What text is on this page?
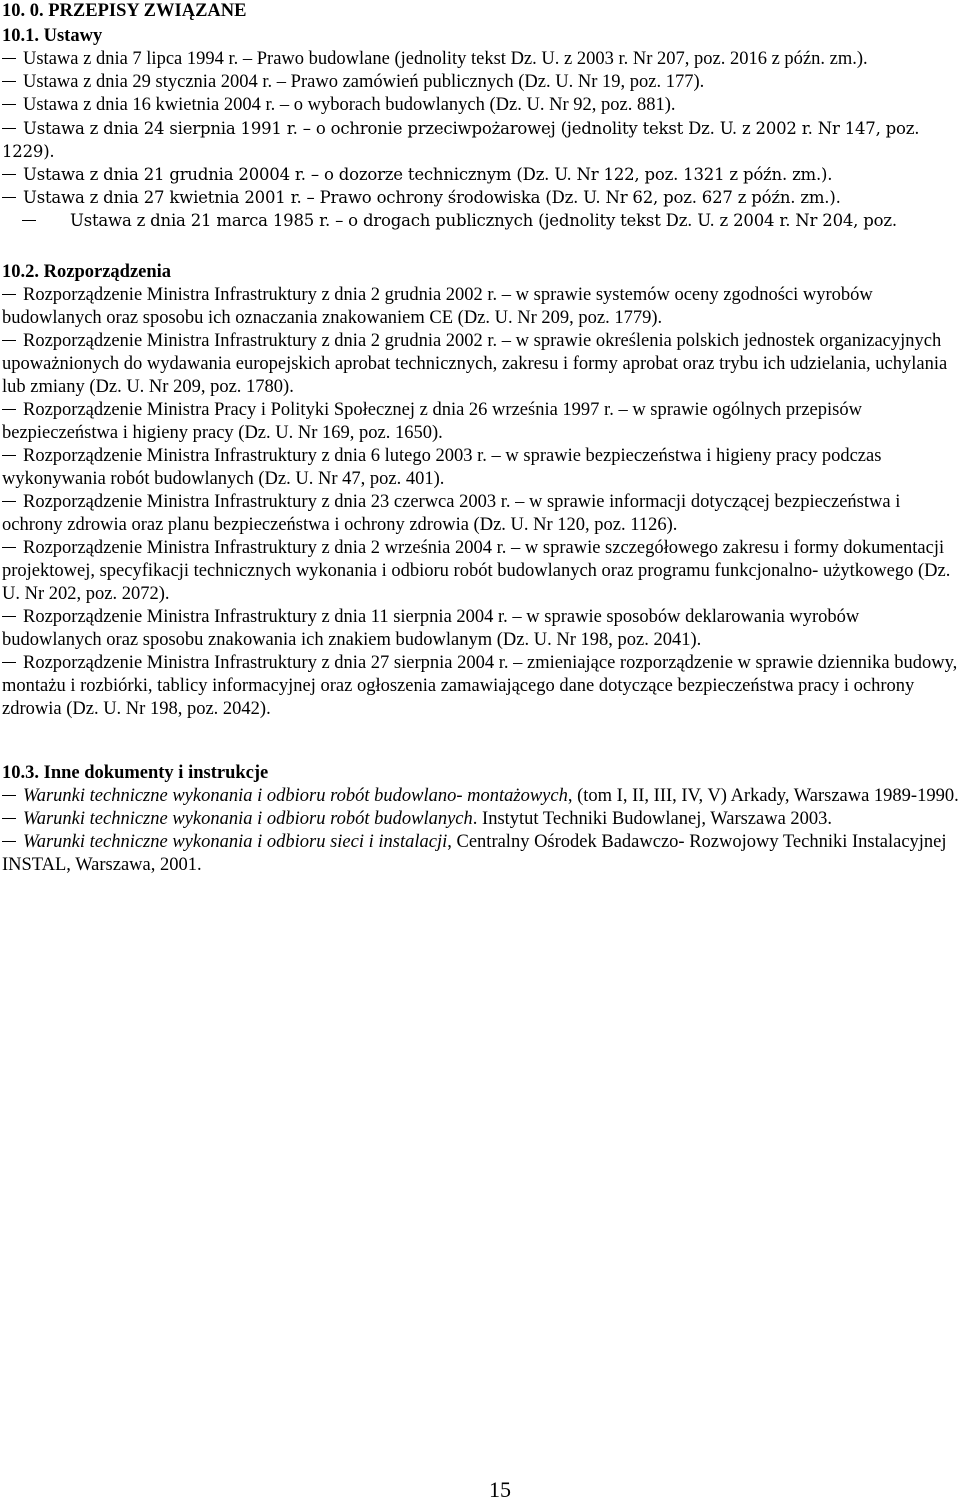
10. 0. PRZEPISY ZWIĄZANE
10.1. Ustawy
Ustawa z dnia 7 lipca 1994 r. – Prawo budowlane (jednolity tekst Dz. U. z 2003 r. Nr 207, poz. 2016 z późn. zm.).
Ustawa z dnia 29 stycznia 2004 r. – Prawo zamówień publicznych (Dz. U. Nr 19, poz. 177).
Ustawa z dnia 16 kwietnia 2004 r. – o wyborach budowlanych (Dz. U. Nr 92, poz. 881).
Ustawa z dnia 24 sierpnia 1991 r. – o ochronie przeciwpożarowej (jednolity tekst Dz. U. z 2002 r. Nr 147, poz. 1229).
Ustawa z dnia 21 grudnia 20004 r. – o dozorze technicznym (Dz. U. Nr 122, poz. 1321 z późn. zm.).
Ustawa z dnia 27 kwietnia 2001 r. – Prawo ochrony środowiska (Dz. U. Nr 62, poz. 627 z późn. zm.).
Ustawa z dnia 21 marca 1985 r. – o drogach publicznych (jednolity tekst Dz. U. z 2004 r. Nr 204, poz.
10.2. Rozporządzenia
Rozporządzenie Ministra Infrastruktury z dnia 2 grudnia 2002 r. – w sprawie systemów oceny zgodności wyrobów budowlanych oraz sposobu ich oznaczania znakowaniem CE (Dz. U. Nr 209, poz. 1779).
Rozporządzenie Ministra Infrastruktury z dnia 2 grudnia 2002 r. – w sprawie określenia polskich jednostek organizacyjnych upoważnionych do wydawania europejskich aprobat technicznych, zakresu i formy aprobat oraz trybu ich udzielania, uchylania lub zmiany (Dz. U. Nr 209, poz. 1780).
Rozporządzenie Ministra Pracy i Polityki Społecznej z dnia 26 września 1997 r. – w sprawie ogólnych przepisów bezpieczeństwa i higieny pracy (Dz. U. Nr 169, poz. 1650).
Rozporządzenie Ministra Infrastruktury z dnia 6 lutego 2003 r. – w sprawie bezpieczeństwa i higieny pracy podczas wykonywania robót budowlanych (Dz. U. Nr 47, poz. 401).
Rozporządzenie Ministra Infrastruktury z dnia 23 czerwca 2003 r. – w sprawie informacji dotyczącej bezpieczeństwa i ochrony zdrowia oraz planu bezpieczeństwa i ochrony zdrowia (Dz. U. Nr 120, poz. 1126).
Rozporządzenie Ministra Infrastruktury z dnia 2 września 2004 r. – w sprawie szczegółowego zakresu i formy dokumentacji projektowej, specyfikacji technicznych wykonania i odbioru robót budowlanych oraz programu funkcjonalno- użytkowego (Dz. U. Nr 202, poz. 2072).
Rozporządzenie Ministra Infrastruktury z dnia 11 sierpnia 2004 r. – w sprawie sposobów deklarowania wyrobów budowlanych oraz sposobu znakowania ich znakiem budowlanym (Dz. U. Nr 198, poz. 2041).
Rozporządzenie Ministra Infrastruktury z dnia 27 sierpnia 2004 r. – zmieniające rozporządzenie w sprawie dziennika budowy, montażu i rozbiórki, tablicy informacyjnej oraz ogłoszenia zamawiającego dane dotyczące bezpieczeństwa pracy i ochrony zdrowia (Dz. U. Nr 198, poz. 2042).
10.3. Inne dokumenty i instrukcje
Warunki techniczne wykonania i odbioru robót budowlano- montażowych, (tom I, II, III, IV, V) Arkady, Warszawa 1989-1990.
Warunki techniczne wykonania i odbioru robót budowlanych. Instytut Techniki Budowlanej, Warszawa 2003.
Warunki techniczne wykonania i odbioru sieci i instalacji, Centralny Ośrodek Badawczo- Rozwojowy Techniki Instalacyjnej INSTAL, Warszawa, 2001.
15
